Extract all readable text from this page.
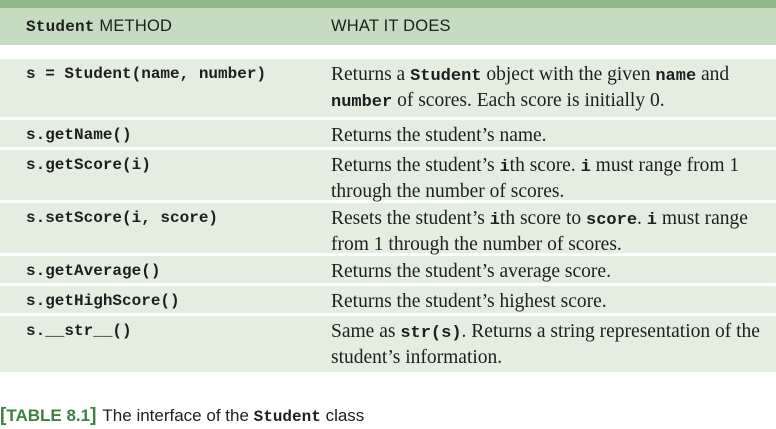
Student METHOD	WHAT IT DOES
s = Student(name, number)	Returns a Student object with the given name and number of scores. Each score is initially 0.
s.getName()	Returns the student’s name.
s.getScore(i)	Returns the student’s ith score. i must range from 1 through the number of scores.
s.setScore(i, score)	Resets the student’s ith score to score. i must range from 1 through the number of scores.
s.getAverage()	Returns the student’s average score.
s.getHighScore()	Returns the student’s highest score.
s.__str__()	Same as str(s). Returns a string representation of the student’s information.
[TABLE 8.1] The interface of the Student class
